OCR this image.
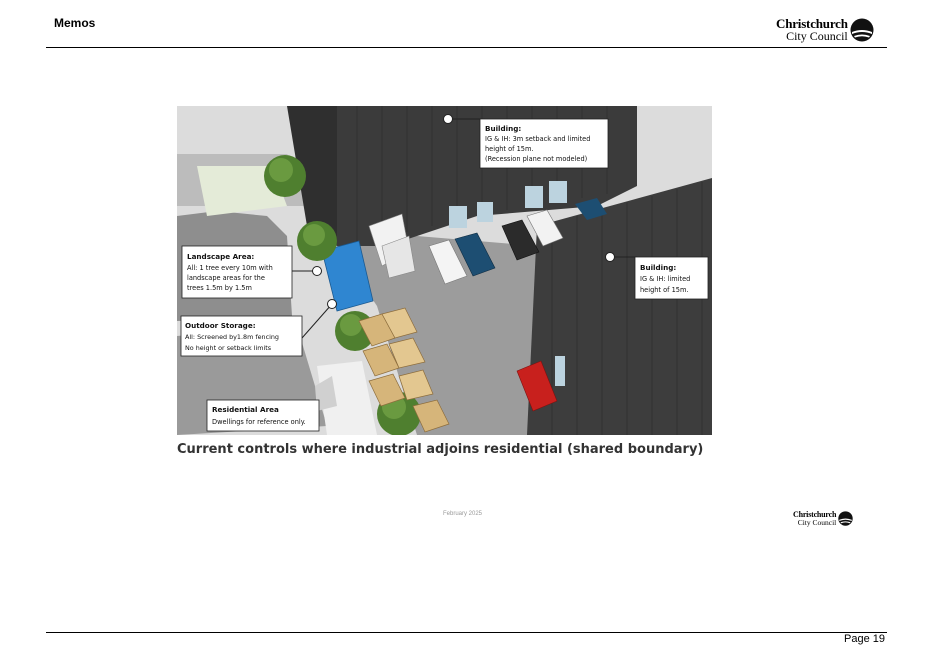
Memos	Christchurch
City Council
Building:
IG & IH: 3m setback and limited
height of 15m.
(Recession plane not modeled)
Building:
IG & IH: limited
height of 15m.
Landscape Area:
All: 1 tree every 10m with
landscape areas for the
trees 1.5m by 1.5m
Outdoor Storage:
All: Screened by1.8m fencing
No height or setback limits
Residential Area
Dwellings for reference only.
Current controls where industrial adjoins residential (shared boundary)
February 2025	Christchurch
City Council
Page 19
